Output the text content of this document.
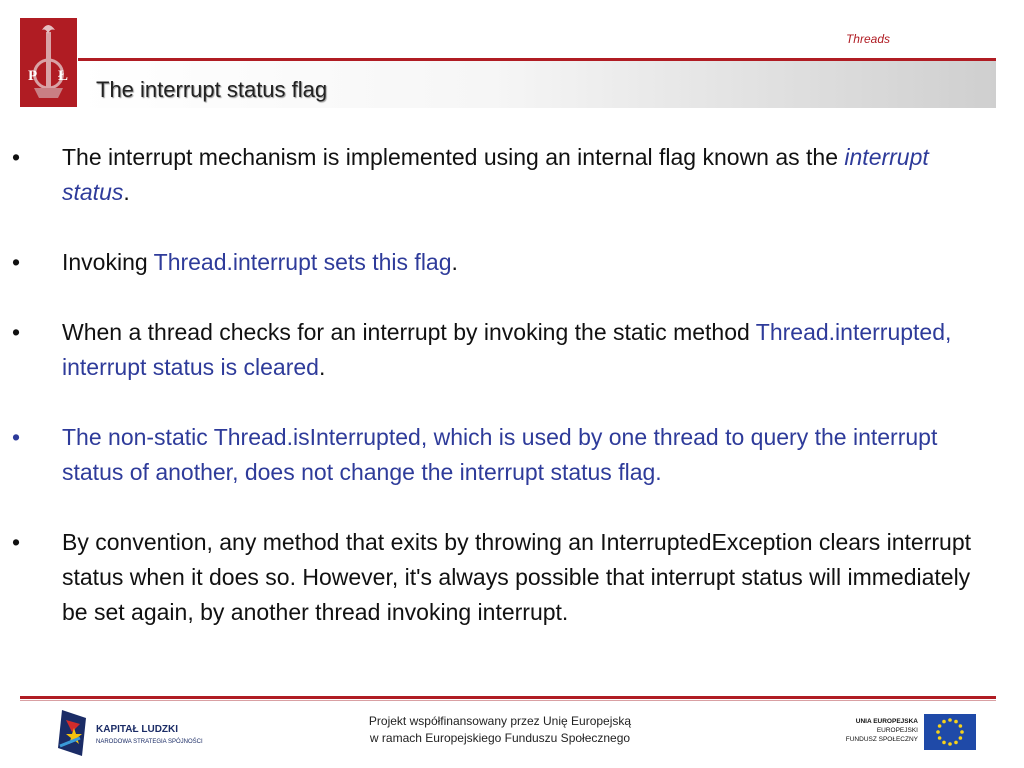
P Ł
Threads
The interrupt status flag
•	The interrupt mechanism is implemented using an internal flag known as the interrupt status.
•	Invoking Thread.interrupt sets this flag.
•	When a thread checks for an interrupt by invoking the static method Thread.interrupted, interrupt status is cleared.
•	The non-static Thread.isInterrupted, which is used by one thread to query the interrupt status of another, does not change the interrupt status flag.
•	By convention, any method that exits by throwing an InterruptedException clears interrupt status when it does so. However, it's always possible that interrupt status will immediately be set again, by another thread invoking interrupt.
KAPITAŁ LUDZKI
NARODOWA STRATEGIA SPÓJNOŚCI
Projekt współfinansowany przez Unię Europejską
w ramach Europejskiego Funduszu Społecznego
UNIA EUROPEJSKA
EUROPEJSKI
FUNDUSZ SPOŁECZNY
